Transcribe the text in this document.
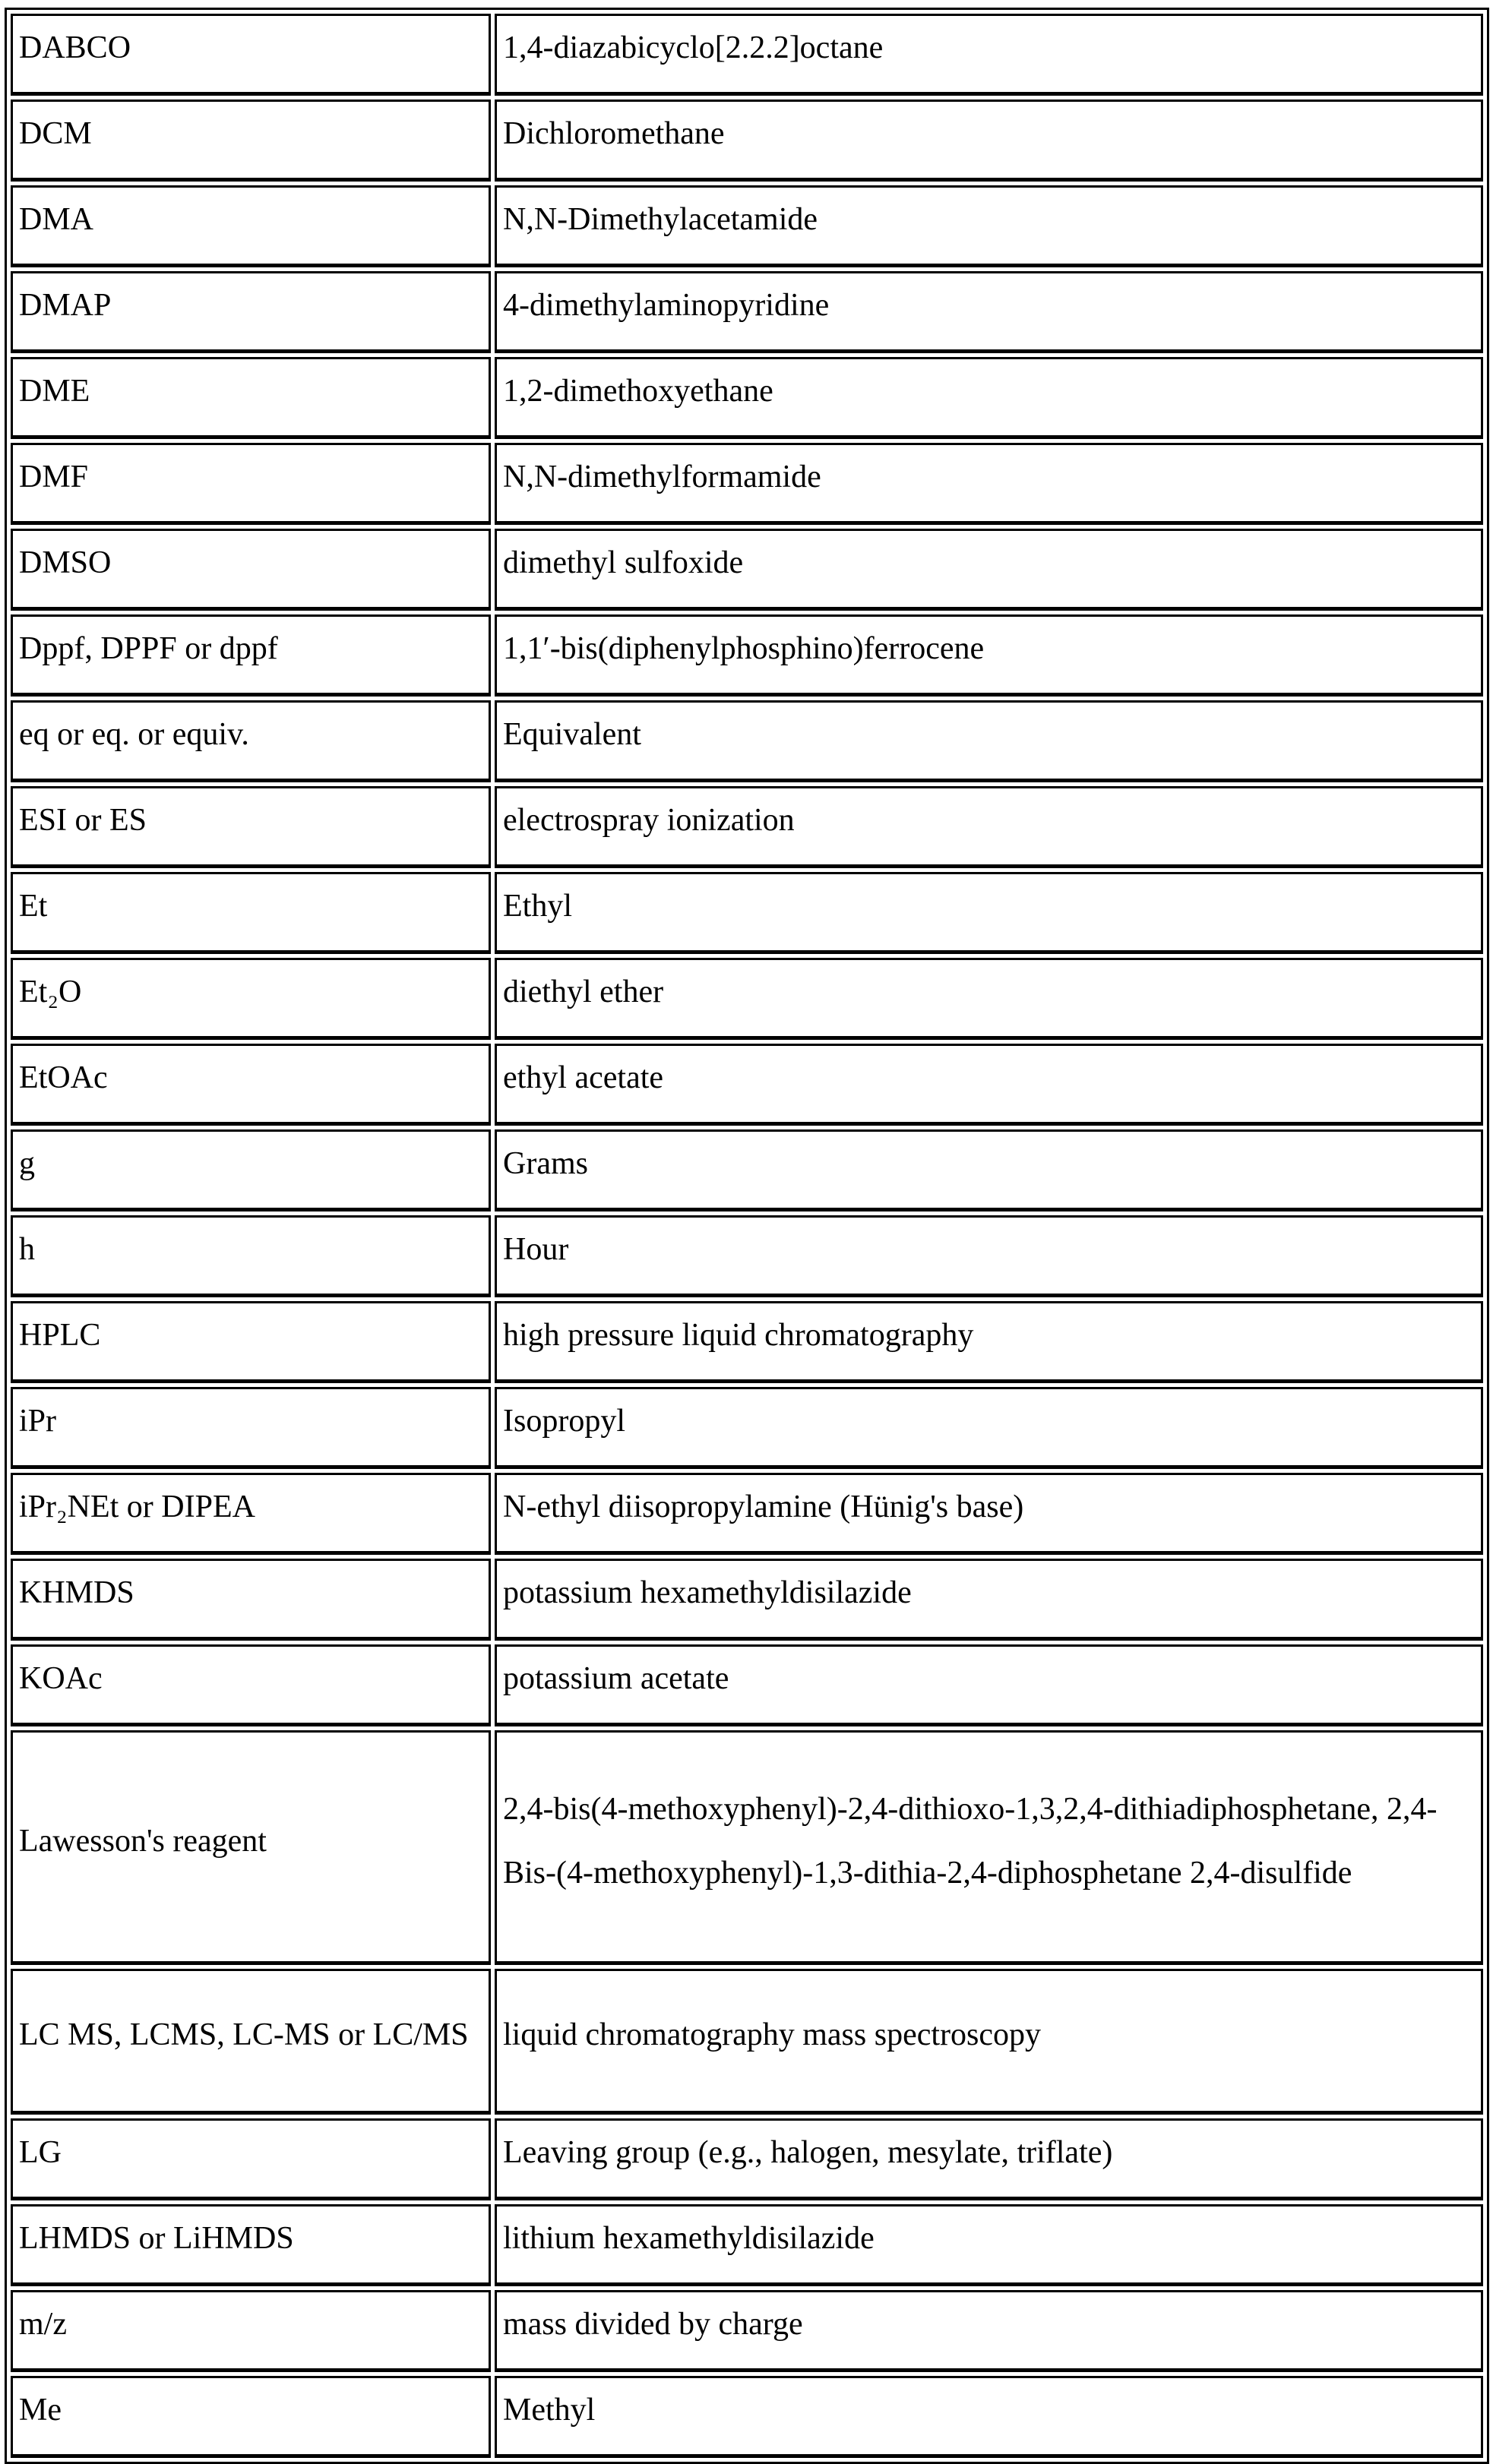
DABCO	1,4-diazabicyclo[2.2.2]octane
DCM	Dichloromethane
DMA	N,N-Dimethylacetamide
DMAP	4-dimethylaminopyridine
DME	1,2-dimethoxyethane
DMF	N,N-dimethylformamide
DMSO	dimethyl sulfoxide
Dppf, DPPF or dppf	1,1′-bis(diphenylphosphino)ferrocene
eq or eq. or equiv.	Equivalent
ESI or ES	electrospray ionization
Et	Ethyl
Et₂O	diethyl ether
EtOAc	ethyl acetate
g	Grams
h	Hour
HPLC	high pressure liquid chromatography
iPr	Isopropyl
iPr₂NEt or DIPEA	N-ethyl diisopropylamine (Hünig's base)
KHMDS	potassium hexamethyldisilazide
KOAc	potassium acetate
Lawesson's reagent	2,4-bis(4-methoxyphenyl)-2,4-dithioxo-1,3,2,4-dithiadiphosphetane, 2,4-Bis-(4-methoxyphenyl)-1,3-dithia-2,4-diphosphetane 2,4-disulfide
LC MS, LCMS, LC-MS or LC/MS	liquid chromatography mass spectroscopy
LG	Leaving group (e.g., halogen, mesylate, triflate)
LHMDS or LiHMDS	lithium hexamethyldisilazide
m/z	mass divided by charge
Me	Methyl
